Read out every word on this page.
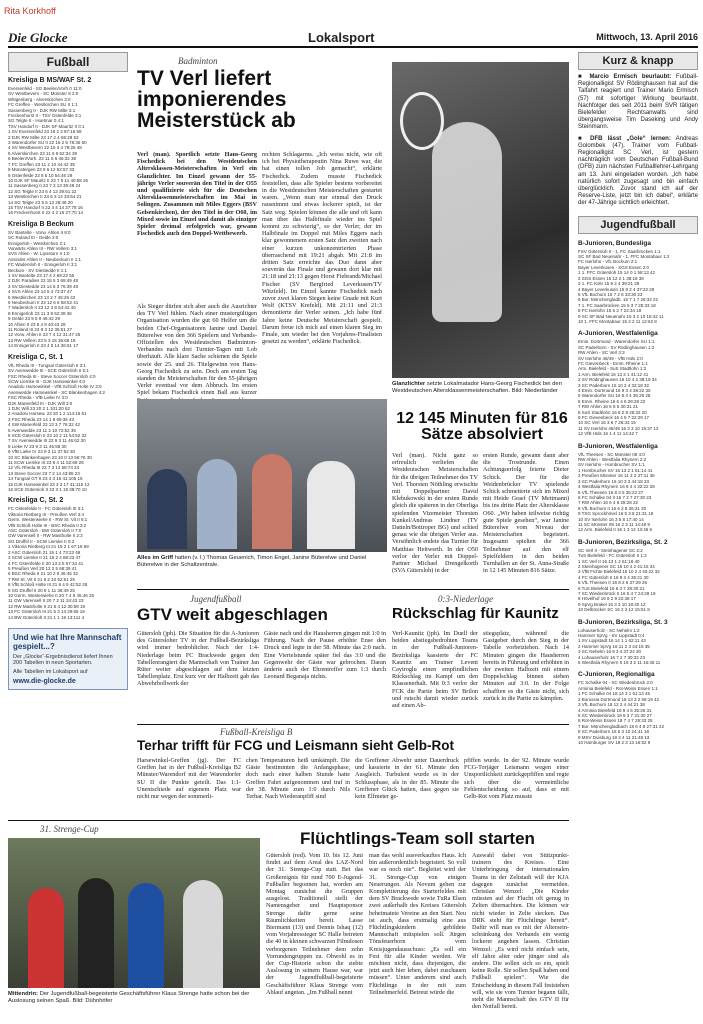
Rita Korkhoff
Die Glocke	Lokalsport	Mittwoch, 13. April 2016
Fußball
Kreisliga B MS/WAF St. 2
Eversenfeld - SG Beelen/Vorh 0 11:0
SV Westbevern - SC Münster 8 2:0
Wittgenberg - Alverskirchen 3:0
FC Greffen - Westkirchen SU II 1:1
Sassenberg II - DJK RW Milte 3:1
Freckenhorst II - TSV Ostenfelde 3:1
SG Telgte II - Hoetmar 0 4:1
TSV Handorf II - DJK SF Mauritz II 0:1
1 SV Eversenfeld 23 19 2 2 87:16 59
2 DJK RW Milte 23 17 2 4 65:28 53
3 Warendorfer SU II 22 16 2 5 78:35 50
4 SV Westbevern 22 15 3 4 79:26 48
5 Alverskirchen 23 11 6 6 52:34 39
6 Beelen/Vorh. 23 11 5 6 46:32 38
7 FC Greffen 23 11 2 10 44:42 35
8 Münstergen 23 9 6 12 52:57 33
9 Ostenfelde 23 8 5 10 54:46 29
10 DJK SF Mauritz II 23 7 5 11 40:58 26
11 Sassenberg II 23 7 3 13 39:48 24
12 SG Telgte II 23 6 4 13 39:61 22
13 Westkirchen II 23 6 3 14 33:64 21
14 SG Telgte 23 5 5 13 28:48 20
15 TSV Handorf II 22 4 4 14 27:78 16
16 Freckenhorst II 22 4 2 16 27:70 14
Kreisliga B Beckum
SV Bantelte - Vorw. Ahlen II 8:0
SC Roland III - Oelde 2:0
Ennigerloh - Westkirchen 2:1
Vorwärts Ahlen III - RW Vellern 3:1
SVS Ahlen - W. Lipsstorn II 1:0
Assinder Ahlen II - Neubeckum II 1:1
FC Wadersloh II - Ennigerloh II 3:1
Beckum - SV Diestedde II 1:1
1 SV Bantelte 23 17 4 2 69:22 55
2 DJK Paradies 23 15 5 3 69:49 48
3 SV Diestedde 23 14 6 3 76:39 48
4 SVS Ahlen 23 14 5 4 73:37 47
5 Westkirchen 23 13 2 7 45:26 42
6 Neubeckum II 23 12 6 6 58:52 41
7 Wadersloh II 23 12 3 8 54:42 40
8 Ennigerloh 23 11 3 9 52:38 36
9 Oelde 23 9 5 9 46:42 29
10 Ahlen II 23 8 4 9 40:43 28
11 Roland III 23 8 3 12 36:51 27
12 Vorw. Ahlen II 23 7 4 12 31:47 25
13 RW Vellern 23 5 3 15 36:68 18
14 Ennigerloh II 23 4 5 14 36:61 17
Kreisliga C, St. 1
VfL Rheda III - Tungsal Gütersloh II 3:1
SV Avenwedde III - SCE Gütersloh II 5:1
FSC Rheda III - Steve Soccer Gütersloh 4:0
SCW Liemke III - DJK Harsewinkel 4:0
Anadolu Harsewinkel - VfB Schloß Holte IV 3:0
Avenwedde Harsewinkel - SC Blankenhagen 4:2
FSC Rheda - VfB Lieke IV 3:0
DJK Marienfeld III - DJK Will 3:0
1 DJK Will 23 20 2 1 101:20 62
2 Anadolu Harsew. 23 20 1 2 114:16 61
3 FSC Rheda 23 14 1 8 69:35 43
4 SW Marienfeld 23 13 3 7 76:32 42
5 Avenwedde 23 11 2 10 72:52 35
6 SCE Gütersloh II 23 10 2 11 54:52 32
7 SV Avenwedde III 23 9 3 11 46:62 30
8 Lieke IV 23 9 3 11 45:58 30
9 VfB Lieke IV 23 9 3 11 37:52 30
10 SC Blankenhagen 23 10 0 13 56:76 30
11 SCW Liemke III 23 8 4 11 52:69 28
12 VfL Rheda III 23 7 3 13 58:74 24
13 Steve Soccer 23 7 2 14 43:85 23
14 Tungsal GT II 23 4 3 16 41:105 15
15 DJK Harsewinkel 23 3 3 17 41:115 12
16 SCE Gütersloh II 23 3 1 19 38:70 10
Kreisliga C, St. 2
FC Ostenfelde II - FC Gütersloh III 3:1
Viktoria Rietberg III - Preußen Verl 3:4
Germ. Westerwiehe II - RW St. Vit II 6:1
VfB Schloß Holte III - BSC Rheda II 3:2
ASC Gütersloh - BW Gütersloh II 7:0
GW Varensell II - RW Mastholte II 2:3
SG Druffel II - SCW Liemke II 0:3
1 Viktoria Rietberg III 21 19 2 1 67:18 59
2 ASC Gütersloh 21 16 1 4 73:23 49
3 SCW Liemke II 21 15 2 4 88:23 47
4 FC Ostenfelde II 20 13 2 5 57:34 41
5 Preußen Verl 20 13 2 5 68:39 41
6 BSC Rheda II 21 10 2 9 46:45 32
7 RW St. Vit II 21 9 2 10 52:51 29
8 VfB Schloß Holte III 21 8 4 9 42:52 28
9 SG Druffel II 20 8 1 11 38:49 25
10 Germ. Westerwiehe II 20 7 4 9 45:46 25
11 GW Varensell II 20 7 2 11 34:43 23
12 RW Mastholte II 21 5 4 12 30:59 19
13 FC Gütersloh III 21 5 3 13 29:65 18
14 BW Gütersloh II 21 1 1 19 13:111 4
Und wie hat Ihre Mannschaft gespielt...?
Der „Glocke“-Ergebnisdienst liefert Ihnen 200 Tabellen in neun Sportarten.
Alle Tabellen im Lokalsport auf
www.die-glocke.de
Badminton
TV Verl liefert imponierendes Meisterstück ab
Verl (man). Sportlich setzte Hans-Georg Fischedick bei den Westdeutschen Altersklassen-Meisterschaften in Verl ein Glanzlichter. Im Einzel gewann der 55-jährige Verler souverän den Titel in der O55 und qualifizierte sich für die Deutschen Altersklassenmeisterschaften im Mai in Solingen. Zusammen mit Miles Eggers (BSV Gelsenkirchen), der den Titel in der O60, im Mixed sowie im Einzel und damit als einziger Spieler dreimal erfolgreich war, gewann Fischedick auch den Doppel-Wettbewerb.
Als Sieger dürfen sich aber auch die Ausrichter des TV Verl fühlen. Nach einer mustergültigen Organisation wurden die gut 60 Helfer um die beiden Chef-Organisatoren Janine und Daniel Büterelwe von den 366 Spielern und Verbands-Offiziellen des Westdeutschen Badminton-Verbandes nach drei Turnier-Tagen mit Lob überhäuft. Alle klare Sache schienen die Spiele sowie der 25. und 26. Titelgewinn von Hans-Georg Fischedick zu sein. Doch am ersten Tag standen die Meisterschaften für den 55-jährigen Verler eventual vor dem Abbruch. Im ersten Spiel bekam Fischedick einen Ball aus kurzer
rechten Schlagarms. „Ich weiss nicht, wie oft ich bei Physiotherapeutin Nina Ruwe war, die hat einen tollen Job gemacht“, erklärte Fischedick. Zudem musste Fischedick feststellen, dass alle Spieler bestens vorbereitet in die Westdeutschen Meisterschaften gestartet waren. „Wenn man nur einmal den Druck rausnimmt und etwas lockerer spielt, ist der Satz weg. Spielen können die alle und oft kann man über das Halbfinale wieder ins Spiel kommt zu schwierig“, so der Verler, der im Halbfinale im Doppel mit Miles Eggers nach klar gewonnenem ersten Satz den zweiten nach einer kurzen unkonzentrierten Phase überraschend mit 19:21 abgab. Mit 21:8 im dritten Satz erreichte das Duo dann aber souverän das Finale und gewann dort klar mit 21:18 und 21:13 gegen Horst Fiebrandt/Michael Fischer (SV Bergfried Leverkusen/TV Witzfeld). Im Einzel kannte Fischedick nach zuvor zwei klaren Siegen keine Gnade mit Kurt Wolf (KTSV Krefeld). Mit 21:11 und 21:3 demontierte der Verler seinen. „Ich habe fünf Jahre keine Deutsche Meisterschaft gespielt. Darum freue ich mich auf einen klaren Sieg im Finale, um wieder bei den Vorjahres-Finalisten gesetzt zu werden“, erklärte Fischedick.
Glanzlichter setzte Lokalmatador Hans-Georg Fischedick bei den Westdeutschen Altersklassenmeisterschaften. Bild: Niederländer
Alles im Griff hatten (v. l.) Thomas Geuenich, Timon Engel, Janine Büterelwe und Daniel Büterelwe in der Schaltzentrale.
12 145 Minuten für 816 Sätze absolviert
Verl (man). Nicht ganz so erfreulich verliefen die Westdeutschen Meisterschaften für die übrigen Teilnehmer des TV Verl. Thorsten Nöthling erwischte mit Doppelpartner David Klebukowski in der ersten Runde gleich die späteren in der Oberliga spielenden Vizemeister Thorsten Kunkel/Andreas Lindner (TV Datteln/Bottroper BG) und schied genau wie die übrigen Verler aus. Versöhnlich endete das Turnier für Matthias Heitwerth. In der O50 verlor der Verler mit Doppel-Partner Michael Drengelkorth (SVA Gütersloh) in der
ersten Runde, gewann dann aber die Trostrunde. Einen Achtungserfolg feierte Dieter Schick. Der für die Weidenbrücker TV spielende Schick schmetterte sich im Mixed mit Heide Graef (TV Mettmann) bis ins dritte Platz der Altersklasse O60. „Wir haben teilweise richtig gute Spiele gesehen“, war Janine Büterelwe vom Niveau der Meisterschaften begeistert. Insgesamt spielten die 366 Teilnehmer auf den elf Spielfeldern in den beiden Turnhallen an der St. Anna-Straße in 12 145 Minuten 816 Sätze.
Jugendfußball
GTV weit abgeschlagen
Gütersloh (jph). Die Situation für die A-Junioren des Gütersloher TV in der Fußball-Bezirksliga wird immer bedrohlicher. Nach der 1:4-Niederlage beim FC Brackwede gegen den Tabellenrangiert die Mannschaft von Trainer Jan Rüter weiter abgeschlagen auf dem letzten Tabellenplatz. Erst kurz vor der Halbzeit gab das Abwehrbollwerk der
Gäste nach und die Hausherren gingen mit 1:0 in Führung. Nach der Pause erhöhte Ense den Druck und legte in der 58. Minute das 2:0 nach. Eine Viertelstunde später fiel das 3:0 und die Gegenwehr der Gäste war gebrochen. Daran änderte auch der Ehrentreffer zum 1:3 durch Leonard Beganaja nichts.
0:3-Niederlage
Rückschlag für Kaunitz
Verl-Kaunitz (jph). Im Duell der beiden abstiegsbedrohten Teams in der Fußball-Junioren-Bezirksliga kassierte der FC Kaunitz am Trainer Levent Cayiroglu einen empfindlichen Rückschlag im Kampf um den Klassenerhalt. Mit 0:3 verlor der FCK die Partie beim SV Brilon und rutscht damit wieder zurück auf einen Ab-
stiegsplatz, während die Gastgeber durch den Sieg in der Tabelle vorbeiziehen. Nach 14 Minuten gingen die Hausherren bereits in Führung und erhöhten in der zweiten Halbzeit mit einem Doppelschlag binnen sieben Minuten auf 3:0. In der Folge schafften es die Gäste nicht, sich zurück in die Partie zu kämpfen.
Fußball-Kreisliga B
Terhar trifft für FCG und Leismann sieht Gelb-Rot
Harsewinkel-Greffen (jg). Der FC Greffen hat in der Fußball-Kreisliga B2 Münster/Warendorf mit der Warendorfer SU II die Punkte geteilt. Das 1:1-Unentschiede auf eigenem Platz war nicht nur wegen der sommerli-
chen Temperaturen heiß umkämpft. Die Gäste bestimmten die Anfangsphase, doch nach einer halben Stunde hatte Greffen Fahrt aufgenommen und traf in der 38. Minute zum 1:0 durch Nils Terhar. Nach Wiederanpfiff sind
die Greffener Abwehr unter Dauerdruck und kassierte in der 61. Minute den Ausgleich. Turbulent wurde es in der Schlussphase, als in der 85. Minute die Greffener Glück hatten, dass gegen sie kein Elfmeter ge-
pfiffen wurde. In der 92. Minute wurde FCG-Torjäger Leismann wegen einer Unsportlichkeit zurückgepfiffen und regte sich über die vermeintliche Fehlentscheidung so auf, dass er mit Gelb-Rot vom Platz musste
31. Strenge-Cup
Mittendrin: Der Jugendfußball-begeisterte Geschäftsführer Klaus Strenge hatte schon bei der Auslosung seinen Spaß. Bild: Dühnhöfer
Flüchtlings-Team soll starten
Gütersloh (red). Vom 10. bis 12. Juni findet auf dem Areal des LAZ-Nord der 31. Strenge-Cup statt. Bei das Großereignis für rund 700 E-Jugend-Fußballer begonnen hat, worden am Montag zunächst die Gruppen ausgelost. Traditionell stellt der Namensgeber und Hauptsponsor Strenge dafür gerne seine Räumlichkeiten bereit. Lasse Biermann (13) und Dennis Ishaq (12) vom Vorjahressieger SC Halle betreten die 40 in kleinen schwarzen Filmdosen verborgenen Teilnehmer dem zehn Vorrundengruppen zu. Obwohl es in der Cup-Historie schon die siebte Auslosung in seinem Hause war, war der Jugendfußball-begeisterte Geschäftsführer Klaus Strenge vom Ablauf angetan. „Im Fußball nennt
man das wohl ausverkauftes Haus. Ich bin außerordentlich begeistert. So voll war es noch nie“. Begleitet wird der 31. Strenge-Cup von einigen Neuerungen. Als Novum gehen zur Komplettierung des Starterfeldes mit dem SV Brackwede sowie TuRa Elsen zwei außerhalb des Kreises Gütersloh beheimatete Vereine an den Start. Neu ist auch, dass erstmalig eine aus Flüchtlingskindern gebildete Mannschaft mitspielen soll. Jürgen Tönsfeuerborn vom Kreisjugendausschuss: „Es soll ein Fest für alle Kinder werden. Wir möchten nicht, dass diejenigen, die jetzt auch hier leben, dabei zuschauen müssen“. Unter anderem sind auch Flüchtlinge in der mit zum Teilnehmerfeld. Betreut würde die
Auswahl dabei von Stützpunkt-trainern des Kreises. Eine Unterbringung der internationalen Teams in der Zeltstadt will der KJA dagegen zunächst vermeiden. Christian Wenzel: „Die Kinder müssten auf der Flucht oft genug in Zelten übernachten. Die können wir nicht wieder in Zelte stecken. Das DRK steht für Flüchtlinge bereit“. Dafür will man es mit der Alterseinschränkung des Verbands ein wenig lockerer angehen lassen. Christian Wenzel: „Es wird nicht einfach sein, elf Jahre alter oder jünger sind als andere. Die sollen sich so ein, spielt keine Rolle. Sie sollen Spaß haben und Fußball spielen“. Wie die Entscheidung in diesem Fall feststehen will, wie sie vom Turnier begann fällt, steht die Mannschaft des GTV II für den Notfall bereit.
Kurz & knapp
■ Marcio Ermisch beurlaubt: Fußball-Regionalligist SV Rödinghausen hat auf die Talfahrt reagiert und Trainer Mario Ermisch (57) mit sofortiger Wirkung beurlaubt. Nachfolger des seit 2011 beim SVR tätigen Bielefelder Rechtsanwalts sind übergangsweise Tim Daseking und Andy Steinmann.
■ DFB lässt „Gole“ lernen: Andreas Golombek (47), Trainer vom Fußball-Regionalligist SC Verl, ist gestern nachträglich vom Deutschen Fußball-Bund (DFB) zum nächsten Fußballlehrer-Lehrgang am 13. Juni eingeladen worden. „Ich habe natürlich sofort zugesagt und bin einfach überglücklich. Zuvor stand ich auf der Reserve-Liste, jetzt bin ich dabei“, erklärte der 47-Jährige sichtlich erleichtert.
Jugendfußball
B-Junioren, Bundesliga
FSV Gütersloh II - 1. FC Saarbrücken 1:1
SC SF Bad Neuenahr - 1. FFC Montabaur 1:2
FC Iserlohn - VfL Bochum 2:1
Bayer Leverkusen - SGS Essen 2:0
1 1. FFC Gütersloh 15 14 0 1 58:13 42
2 SGS Essen 15 12 2 1 38:18 38
3 1. FC Köln 15 9 2 4 39:21 29
4 Bayer Leverkusen 15 9 2 4 37:22 29
5 VfL Bochum 15 7 2 6 33:30 23
6 Bor. Mönchengladb. 15 7 1 7 28:32 22
7 1. FC Saarbrücken 15 5 3 7 25:33 18
8 FC Iserlohn 15 5 3 7 22:34 18
9 SC SF Bad Neuenahr 15 3 2 10 18:42 11
10 1. FFC Montabaur 15 2 2 11 12:62 8
A-Junioren, Westfalenliga
Emin. Dortmund - Warendorfer SU 1:1
SC Paderborn - SV Rödinghausen 1:2
RW Ahlen - SC Verl 3:3
SV Iserlohn 46/49 - VfB Hüls 2:0
FC Gievenbeck - Emm. Rheine 1:1
Arm. Bielefeld - SuS Stadtlohn 1:2
1 Arm. Bielefeld 16 13 2 1 41:12 41
2 SV Rödinghausen 16 10 4 2 38:19 34
3 SC Paderborn 16 10 2 4 32:18 32
4 Emin. Dortmund 16 9 3 4 38:22 30
5 Warendorfer SU 16 8 4 4 35:25 28
6 Emm. Rheine 16 6 4 6 29:28 22
7 RW Ahlen 16 5 6 5 30:31 21
8 SuS Stadtlohn 16 6 2 8 25:32 20
9 FC Gievenbeck 16 4 5 7 22:29 17
10 SC Verl 16 3 6 7 26:33 15
11 SV Iserlohn 46/49 16 3 3 10 19:37 12
12 VfB Hüls 16 1 4 11 14:42 7
B-Junioren, Westfalenliga
VfL Theesen - SC Münster 08 4:0
RW Ahlen - Westfalia Rhynern 2:2
SV Iserlohn - Hombrucher SV 1:1
1 Hombrucher SV 16 13 2 1 51:14 41
2 Preußen Münster 16 11 3 2 37:11 36
3 SC Paderborn 16 10 3 3 44:18 33
4 Westfalia Rhynern 16 8 4 4 32:22 28
5 VfL Theesen 16 8 3 5 35:22 27
6 FC Schalke 04 II 16 7 2 7 27:30 23
7 RW Ahlen 16 6 4 6 28:28 22
8 VfL Bochum II 16 6 2 8 26:31 20
9 TSG Sprockhövel 16 5 3 8 21:31 18
10 SV Iserlohn 16 3 5 8 17:40 14
11 SC Münster 08 16 2 3 11 14:48 9
12 Arm. Bielefeld II 16 1 3 12 13:46 6
B-Junioren, Bezirksliga, St. 2
SC Verl II - Steinhagener SC 2:2
TuS Bielefeld - FC Gütersloh II 1:3
1 SC Verl II 16 13 1 2 61:18 40
2 Steinhagener SC 16 10 4 2 41:16 34
3 VfB Fichte Bielefeld 16 10 2 4 40:22 32
4 FC Gütersloh II 16 9 3 4 35:21 30
5 VfL Theesen II 16 8 2 6 37:29 26
6 TuS Bielefeld 16 6 3 7 28:30 21
7 SC Wiedenbrück II 16 5 4 7 24:28 19
8 Hövelhof 16 5 2 9 22:38 17
9 SpVg Brakel 16 3 3 10 18:40 12
10 Delbrücker SC 16 2 2 12 15:51 8
B-Junioren, Bezirksliga, St. 3
Lohauserholz - SC Nehelm 1:2
Hammer SpVg - SV Lippstadt 0:4
1 SV Lippstadt 16 14 1 1 62:11 43
2 Hammer SpVg 16 11 2 3 44:19 35
3 SC Nehelm 16 9 3 4 37:24 30
4 Lohauserholz 16 7 2 7 30:32 23
5 Westfalia Rhynern II 16 3 2 11 16:45 11
C-Junioren, Regionalliga
FC Schalke 04 - SC Wiedenbrück 2:0
Arminia Bielefeld - Rot-Weiss Essen 1:1
1 FC Schalke 04 18 14 3 1 61:13 45
2 Borussia Dortmund 18 13 3 2 58:19 42
3 VfL Bochum 18 12 2 4 44:21 38
4 Arminia Bielefeld 18 9 4 5 35:26 31
5 SC Wiedenbrück 18 8 3 7 31:30 27
6 Rot-Weiss Essen 18 7 4 7 29:33 25
7 Bor. Mönchengladbach 18 6 4 8 27:31 22
8 SC Paderborn 18 5 3 10 24:41 18
9 MSV Duisburg 18 3 4 11 21:48 13
10 Hamburger SV 18 2 3 13 16:52 9
